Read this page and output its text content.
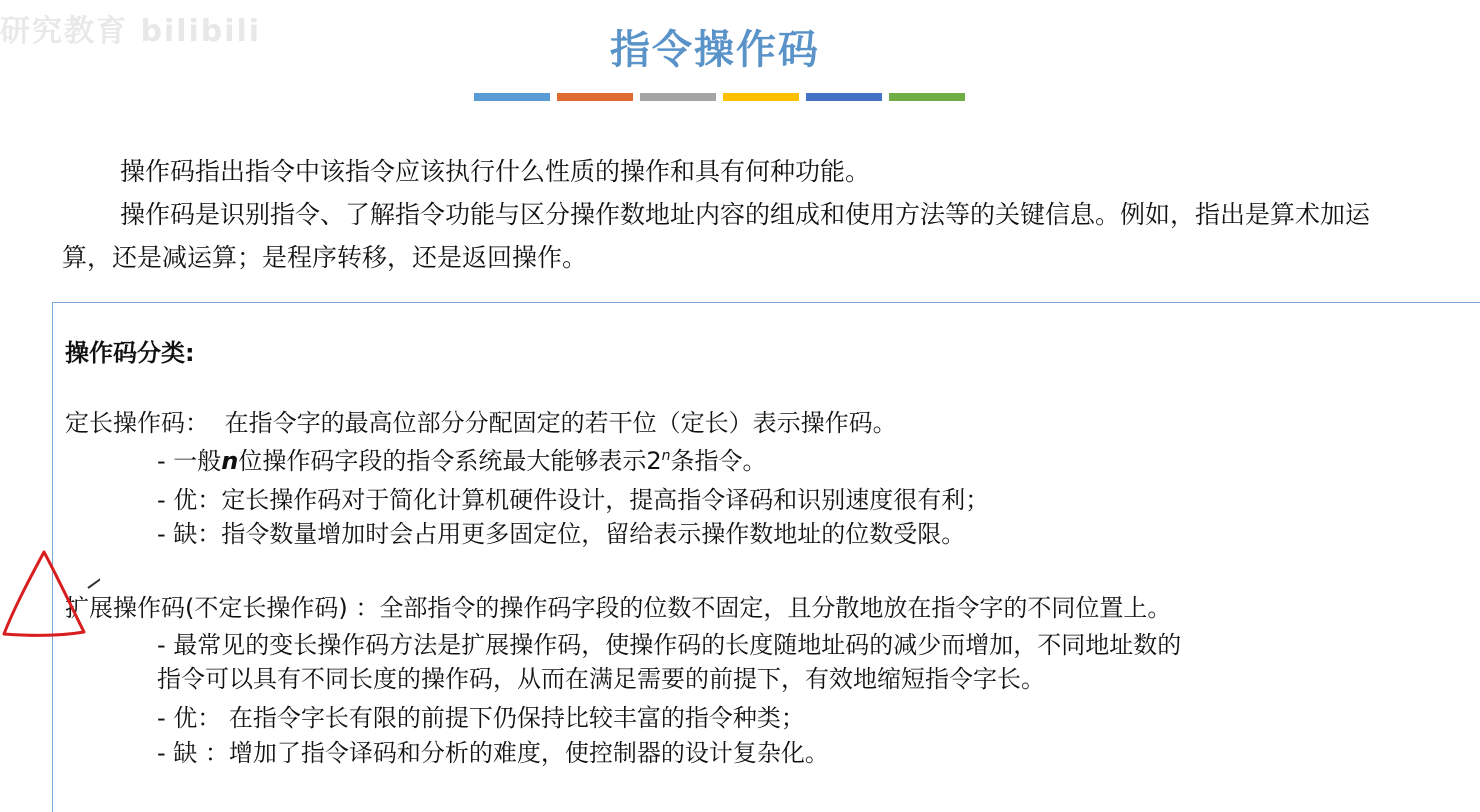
研究教育 bilibili	指令操作码

操作码指出指令中该指令应该执行什么性质的操作和具有何种功能。

操作码是识别指令、了解指令功能与区分操作数地址内容的组成和使用方法等的关键信息。例如，指出是算术加运算，还是减运算；是程序转移，还是返回操作。

操作码分类:
定长操作码： 在指令字的最高位部分分配固定的若干位（定长）表示操作码。
- 一般n位操作码字段的指令系统最大能够表示2$^n$条指令。
- 优：定长操作码对于简化计算机硬件设计，提高指令译码和识别速度很有利；
- 缺：指令数量增加时会占用更多固定位，留给表示操作数地址的位数受限。
扩展操作码(不定长操作码) ：全部指令的操作码字段的位数不固定，且分散地放在指令字的不同位置上。
- 最常见的变长操作码方法是扩展操作码，使操作码的长度随地址码的减少而增加，不同地址数的
指令可以具有不同长度的操作码，从而在满足需要的前提下，有效地缩短指令字长。
- 优： 在指令字长有限的前提下仍保持比较丰富的指令种类；
- 缺 ：增加了指令译码和分析的难度，使控制器的设计复杂化。
